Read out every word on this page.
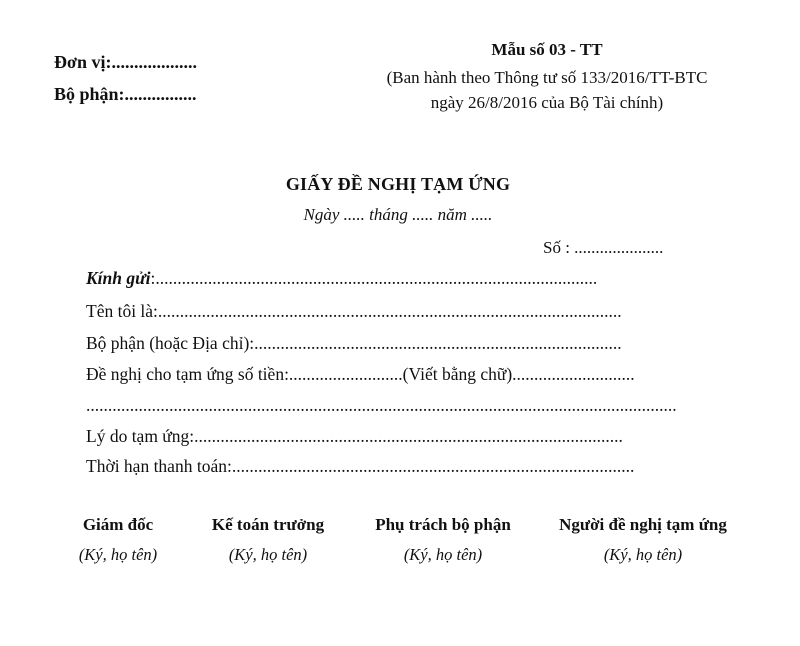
Đơn vị:...................
Bộ phận:................
Mẫu số 03 - TT
(Ban hành theo Thông tư số 133/2016/TT-BTC
ngày 26/8/2016 của Bộ Tài chính)
GIẤY ĐỀ NGHỊ TẠM ỨNG
Ngày ..... tháng ..... năm .....
Số : .....................
Kính gửi:.....................................................................................................
Tên tôi là:..........................................................................................................
Bộ phận (hoặc Địa chỉ):....................................................................................
Đề nghị cho tạm ứng số tiền:..........................(Viết bằng chữ)............................
.......................................................................................................................................
Lý do tạm ứng:..................................................................................................
Thời hạn thanh toán:............................................................................................
Giám đốc
(Ký, họ tên)
Kế toán trưởng
(Ký, họ tên)
Phụ trách bộ phận
(Ký, họ tên)
Người đề nghị tạm ứng
(Ký, họ tên)
